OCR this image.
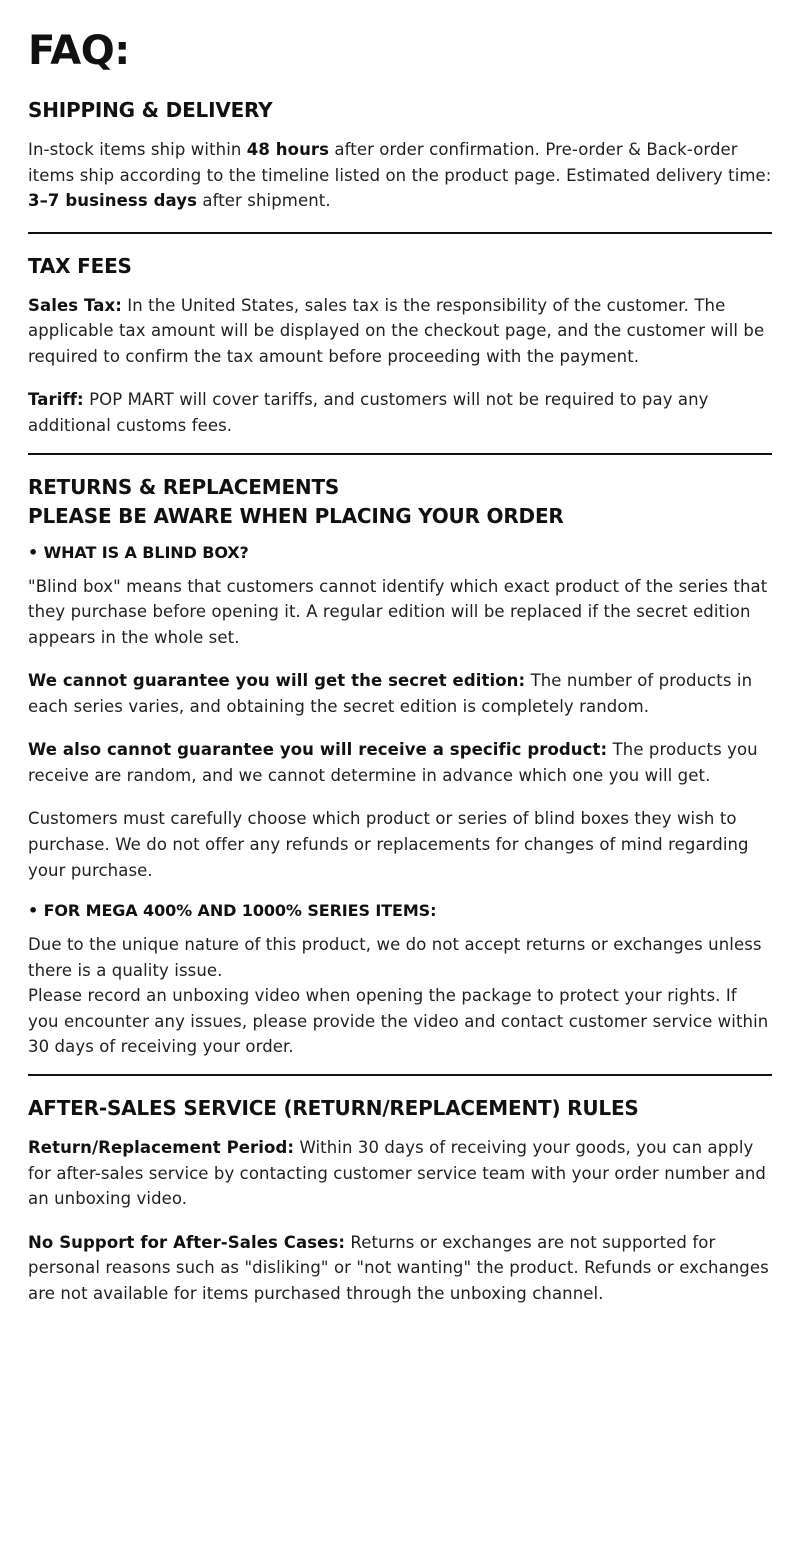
FAQ:
SHIPPING & DELIVERY

In-stock items ship within 48 hours after order confirmation. Pre-order & Back-order items ship according to the timeline listed on the product page. Estimated delivery time: 3–7 business days after shipment.

TAX FEES

Sales Tax: In the United States, sales tax is the responsibility of the customer. The applicable tax amount will be displayed on the checkout page, and the customer will be required to confirm the tax amount before proceeding with the payment.

Tariff: POP MART will cover tariffs, and customers will not be required to pay any additional customs fees.

RETURNS & REPLACEMENTS
PLEASE BE AWARE WHEN PLACING YOUR ORDER
• WHAT IS A BLIND BOX?

"Blind box" means that customers cannot identify which exact product of the series that they purchase before opening it. A regular edition will be replaced if the secret edition appears in the whole set.

We cannot guarantee you will get the secret edition: The number of products in each series varies, and obtaining the secret edition is completely random.

We also cannot guarantee you will receive a specific product: The products you receive are random, and we cannot determine in advance which one you will get.

Customers must carefully choose which product or series of blind boxes they wish to purchase. We do not offer any refunds or replacements for changes of mind regarding your purchase.

• FOR MEGA 400% AND 1000% SERIES ITEMS:

Due to the unique nature of this product, we do not accept returns or exchanges unless there is a quality issue.
Please record an unboxing video when opening the package to protect your rights. If you encounter any issues, please provide the video and contact customer service within 30 days of receiving your order.

AFTER-SALES SERVICE (RETURN/REPLACEMENT) RULES

Return/Replacement Period: Within 30 days of receiving your goods, you can apply for after-sales service by contacting customer service team with your order number and an unboxing video.

No Support for After-Sales Cases: Returns or exchanges are not supported for personal reasons such as "disliking" or "not wanting" the product. Refunds or exchanges are not available for items purchased through the unboxing channel.
